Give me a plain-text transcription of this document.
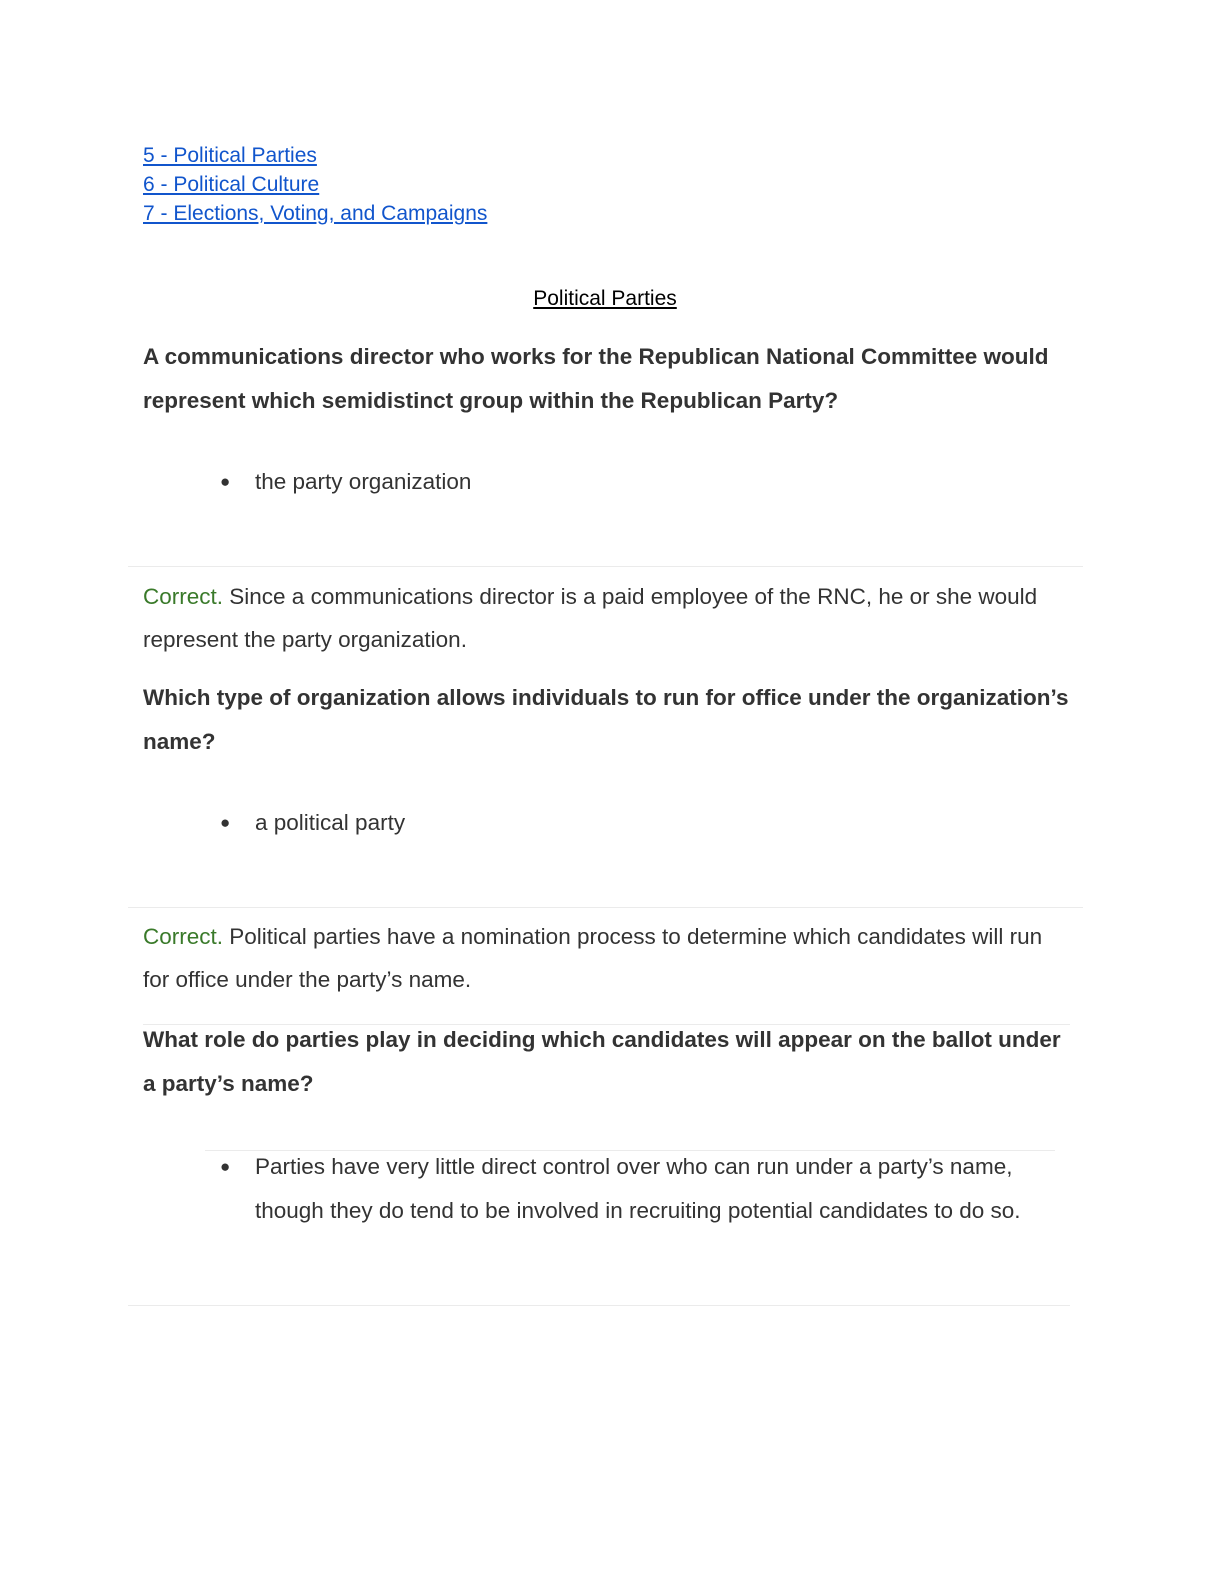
5 - Political Parties
6 - Political Culture
7 - Elections, Voting, and Campaigns
Political Parties
A communications director who works for the Republican National Committee would represent which semidistinct group within the Republican Party?
●	the party organization
Correct. Since a communications director is a paid employee of the RNC, he or she would represent the party organization.
Which type of organization allows individuals to run for office under the organization’s name?
●	a political party
Correct. Political parties have a nomination process to determine which candidates will run for office under the party’s name.
What role do parties play in deciding which candidates will appear on the ballot under a party’s name?
●	Parties have very little direct control over who can run under a party’s name, though they do tend to be involved in recruiting potential candidates to do so.
